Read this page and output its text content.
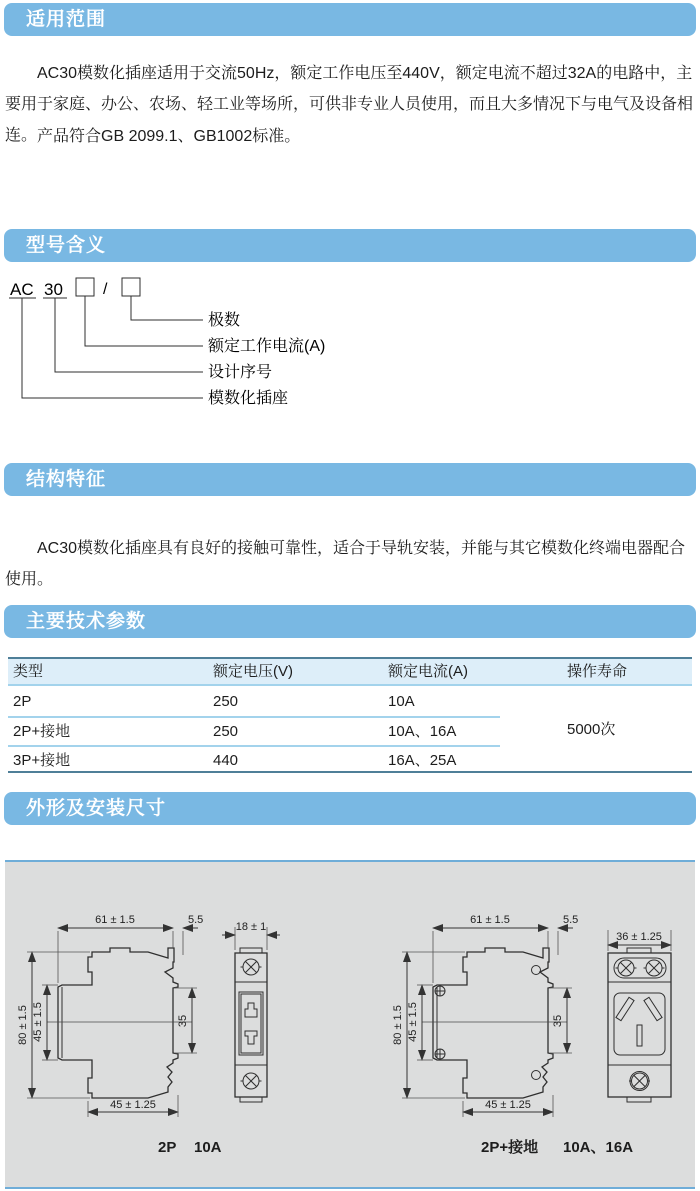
适用范围

AC30模数化插座适用于交流50Hz，额定工作电压至440V，额定电流不超过32A的电路中，主要用于家庭、办公、农场、轻工业等场所，可供非专业人员使用，而且大多情况下与电气及设备相连。 产品符合GB 2099.1、GB1002标准。

型号含义
AC 30	/
极数
额定工作电流(A)
设计序号
模数化插座
结构特征

AC30模数化插座具有良好的接触可靠性，适合于导轨安装，并能与其它模数化终端电器配合使用。

主要技术参数
类型	额定电压(V)	额定电流(A)	操作寿命
2P	250	10A
2P+接地	250	10A、16A
3P+接地	440	16A、25A
5000次
外形及安装尺寸
61 ± 1.5	5.5
80 ± 1.5 45 ± 1.5	35
45 ± 1.25
18 ± 1
2P 10A
61 ± 1.5	5.5
80 ± 1.5 45 ± 1.5	35
45 ± 1.25
36 ± 1.25
2P+接地 10A、16A
